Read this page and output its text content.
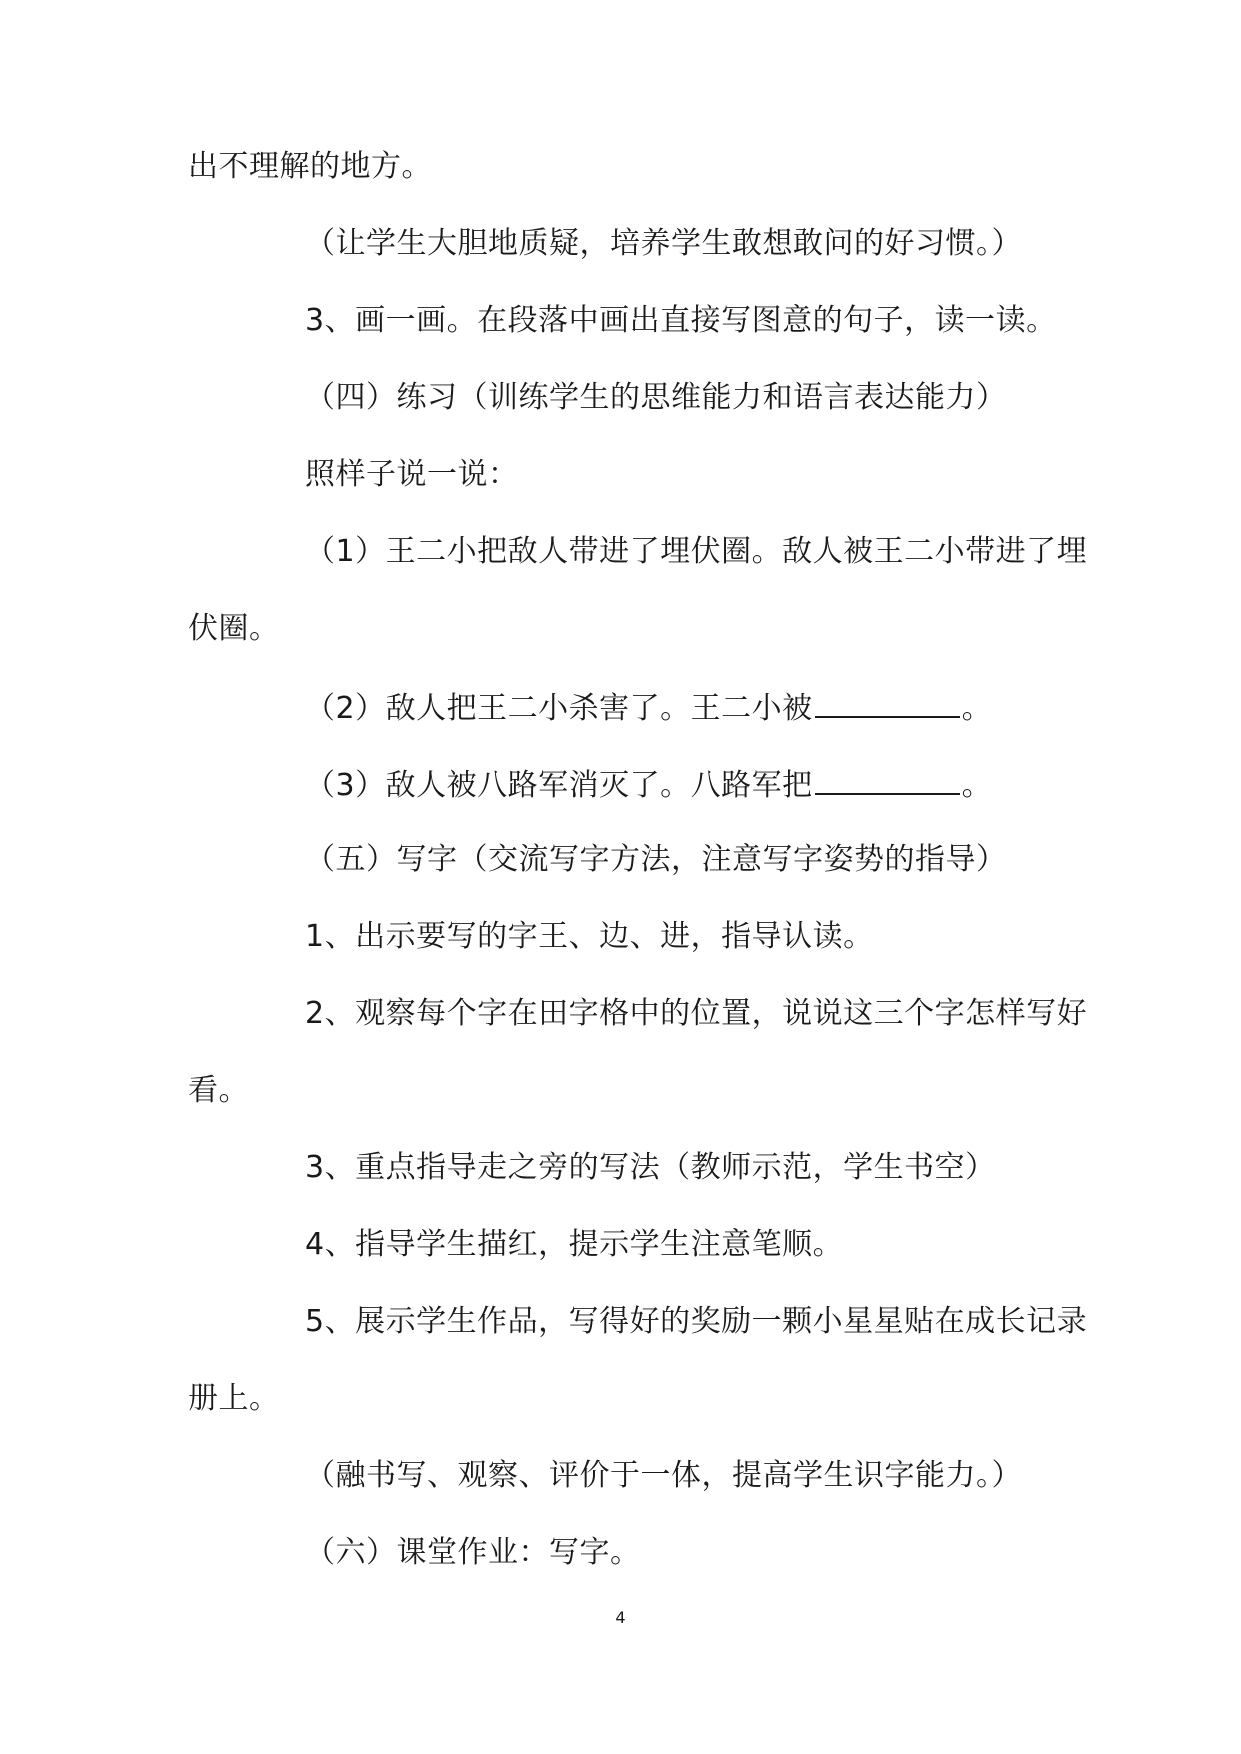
出不理解的地方。
（让学生大胆地质疑，培养学生敢想敢问的好习惯。）
3、画一画。在段落中画出直接写图意的句子，读一读。
（四）练习（训练学生的思维能力和语言表达能力）
照样子说一说：
（1）王二小把敌人带进了埋伏圈。敌人被王二小带进了埋
伏圈。
（2）敌人把王二小杀害了。王二小被	。
（3）敌人被八路军消灭了。八路军把	。
（五）写字（交流写字方法，注意写字姿势的指导）
1、出示要写的字王、边、进，指导认读。
2、观察每个字在田字格中的位置，说说这三个字怎样写好
看。
3、重点指导走之旁的写法（教师示范，学生书空）
4、指导学生描红，提示学生注意笔顺。
5、展示学生作品，写得好的奖励一颗小星星贴在成长记录
册上。
（融书写、观察、评价于一体，提高学生识字能力。）
（六）课堂作业：写字。
4
